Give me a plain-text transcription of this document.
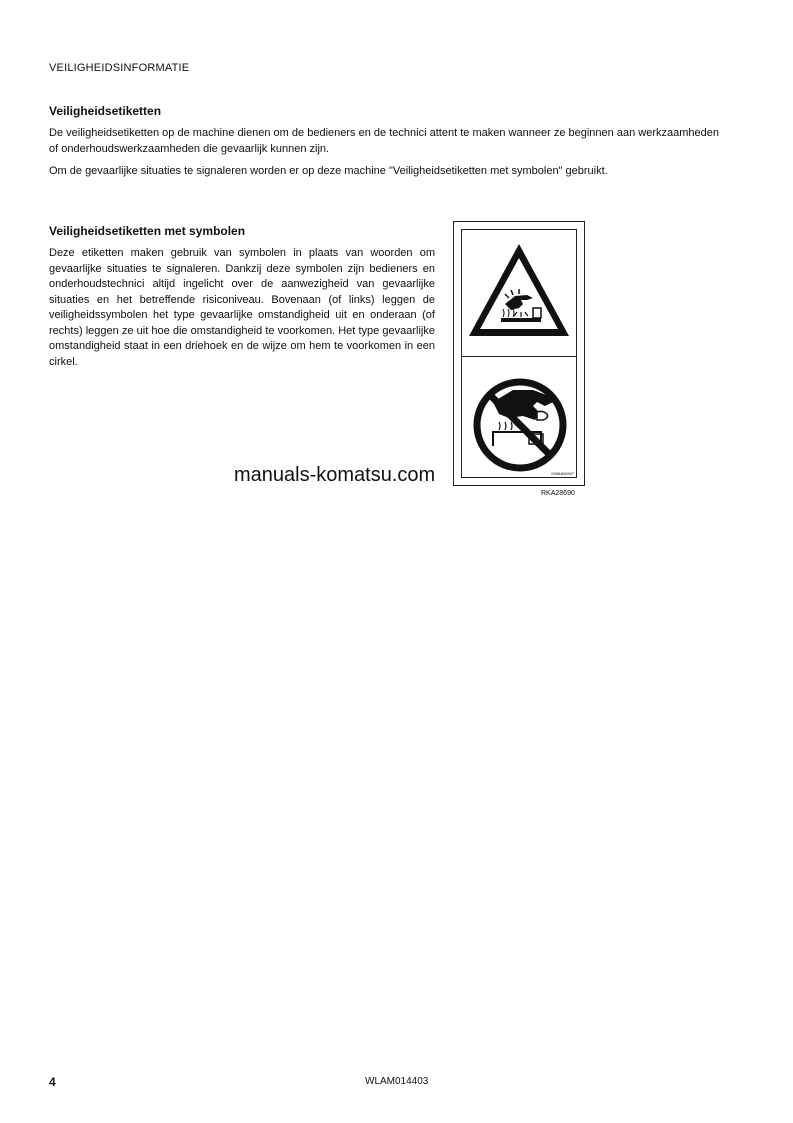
VEILIGHEIDSINFORMATIE
Veiligheidsetiketten
De veiligheidsetiketten op de machine dienen om de bedieners en de technici attent te maken wanneer ze beginnen aan werkzaamheden of onderhoudswerkzaamheden die gevaarlijk kunnen zijn.
Om de gevaarlijke situaties te signaleren worden er op deze machine "Veiligheidsetiketten met symbolen" gebruikt.
Veiligheidsetiketten met symbolen
Deze etiketten maken gebruik van symbolen in plaats van woorden om gevaarlijke situaties te signaleren. Dankzij deze symbolen zijn bedieners en onderhoudstechnici altijd ingelicht over de aanwezigheid van gevaarlijke situaties en het betreffende risiconiveau. Bovenaan (of links) leggen de veiligheidssymbolen het type gevaarlijke omstandigheid uit en onderaan (of rechts) leggen ze uit hoe die omstandigheid te voorkomen. Het type gevaarlijke omstandigheid staat in een driehoek en de wijze om hem te voorkomen in een cirkel.
09654B0947
RKA28690
manuals-komatsu.com
4	WLAM014403
